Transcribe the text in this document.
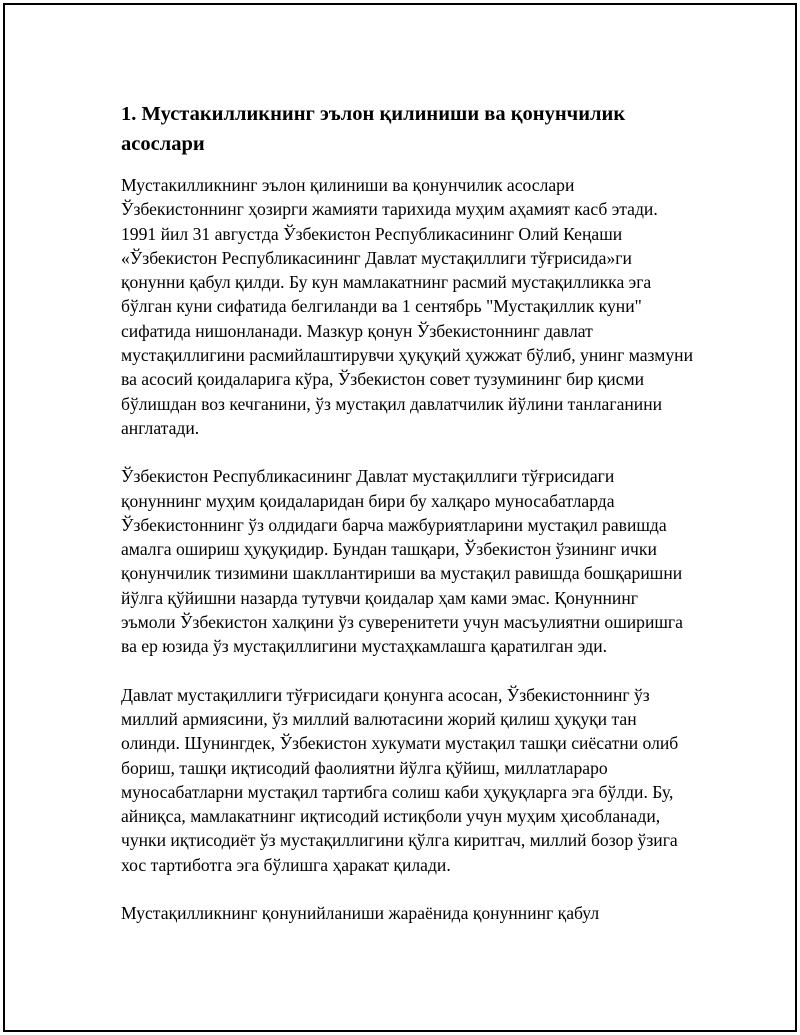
1. Мустакилликнинг эълон қилиниши ва қонунчилик асослари

Мустакилликнинг эълон қилиниши ва қонунчилик асослари Ўзбекистоннинг ҳозирги жамияти тарихида муҳим аҳамият касб этади. 1991 йил 31 августда Ўзбекистон Республикасининг Олий Кеңаши «Ўзбекистон Республикасининг Давлат мустақиллиги тўғрисида»ги қонунни қабул қилди. Бу кун мамлакатнинг расмий мустақилликка эга бўлган куни сифатида белгиланди ва 1 сентябрь "Мустақиллик куни" сифатида нишонланади. Мазкур қонун Ўзбекистоннинг давлат мустақиллигини расмийлаштирувчи ҳуқуқий ҳужжат бўлиб, унинг мазмуни ва асосий қоидаларига кўра, Ўзбекистон совет тузумининг бир қисми бўлишдан воз кечганини, ўз мустақил давлатчилик йўлини танлаганини англатади.

Ўзбекистон Республикасининг Давлат мустақиллиги тўғрисидаги қонуннинг муҳим қоидаларидан бири бу халқаро муносабатларда Ўзбекистоннинг ўз олдидаги барча мажбуриятларини мустақил равишда амалга ошириш ҳуқуқидир. Бундан ташқари, Ўзбекистон ўзининг ички қонунчилик тизимини шакллантириши ва мустақил равишда бошқаришни йўлга қўйишни назарда тутувчи қоидалар ҳам ками эмас. Қонуннинг эъмоли Ўзбекистон халқини ўз суверенитети учун масъулиятни оширишга ва ер юзида ўз мустақиллигини мустаҳкамлашга қаратилган эди.

Давлат мустақиллиги тўғрисидаги қонунга асосан, Ўзбекистоннинг ўз миллий армиясини, ўз миллий валютасини жорий қилиш ҳуқуқи тан олинди. Шунингдек, Ўзбекистон хукумати мустақил ташқи сиёсатни олиб бориш, ташқи иқтисодий фаолиятни йўлга қўйиш, миллатлараро муносабатларни мустақил тартибга солиш каби ҳуқуқларга эга бўлди. Бу, айниқса, мамлакатнинг иқтисодий истиқболи учун муҳим ҳисобланади, чунки иқтисодиёт ўз мустақиллигини қўлга киритгач, миллий бозор ўзига хос тартиботга эга бўлишга ҳаракат қилади.

Мустақилликнинг қонунийланиши жараёнида қонуннинг қабул
